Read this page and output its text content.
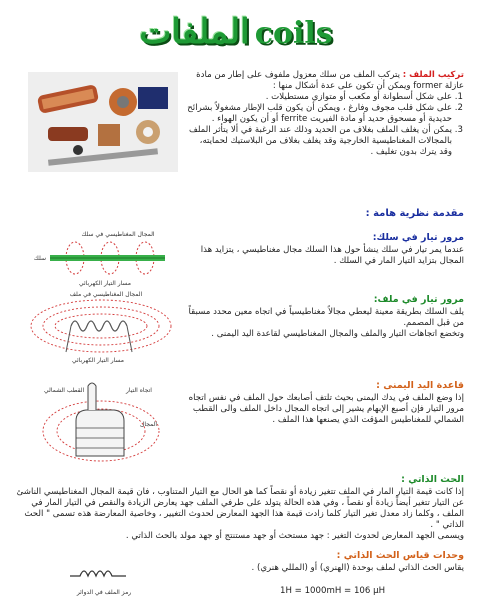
الملفات coils
تركيب الملف : يتركب الملف من سلك معزول ملفوف على إطار من مادة عازلة former ويمكن أن تكون على عدة أشكال منها :
1. على شكل أسطوانة أو مكعب أو متوازي مستطيلات .
2. على شكل قلب مجوف وفارغ ، ويمكن أن يكون قلب الإطار مشغولاً بشرائح حديدية أو مسحوق حديد أو مادة الفيريت ferrite أو أن يكون الهواء .
3. يمكن أن يغلف الملف بغلاف من الحديد وذلك عند الرغبة في ألا يتأثر الملف بالمجالات المغناطيسية الخارجية وقد يغلف بغلاف من البلاستيك لحمايته، وقد يترك بدون تغليف .
مقدمة نظرية هامة :
المجال المغناطيسي في سلك
سلك
مسار التيار الكهربائي
مرور تيار في سلك:
عندما يمر تيار في سلك ينشأ حول هذا السلك مجال مغناطيسي ، يتزايد هذا المجال بتزايد التيار المار في السلك .
المجال المغناطيسي في ملف
مسار التيار الكهربائي
مرور تيار في ملف:
يلف السلك بطريقة معينة ليعطي مجالاً مغناطيسياً في اتجاه معين محدد مسبقاً من قبل المصمم.
وتخضع اتجاهات التيار والملف والمجال المغناطيسي لقاعدة اليد اليمنى .
القطب الشمالي	اتجاه التيار
المجال
قاعدة اليد اليمنى :
إذا وضع الملف في يدك اليمنى بحيث تلتف أصابعك حول الملف في نفس اتجاه مرور التيار فإن أصبع الإبهام يشير إلى اتجاه المجال داخل الملف والى القطب الشمالي للمغناطيس المؤقت الذي يصنعها هذا الملف .
الحث الذاتي :
إذا كانت قيمة التيار المار في الملف تتغير زيادة أو نقصاً كما هو الحال مع التيار المتناوب ، فان قيمة المجال المغناطيسي الناشئ عن التيار تتغير أيضاً زيادة أو نقصاً ، وفي هذه الحالة يتولد على طرفي الملف جهد يعارض الزيادة والنقص في التيار المار في الملف ، وكلما زاد معدل تغير التيار كلما زادت قيمة هذا الجهد المعارض لحدوث التغيير ، وخاصية المعارضة هذه تسمى " الحث الذاتي " .
ويسمى الجهد المعارض لحدوث التغير : جهد مستحث أو جهد مستنتج أو جهد مولد بالحث الذاتي .
وحدات قياس الحث الذاتي :
يقاس الحث الذاتي لملف بوحدة (الهنري) أو (المللي هنري) .
1H = 1000mH = 106 μH
رمز الملف في الدوائر
